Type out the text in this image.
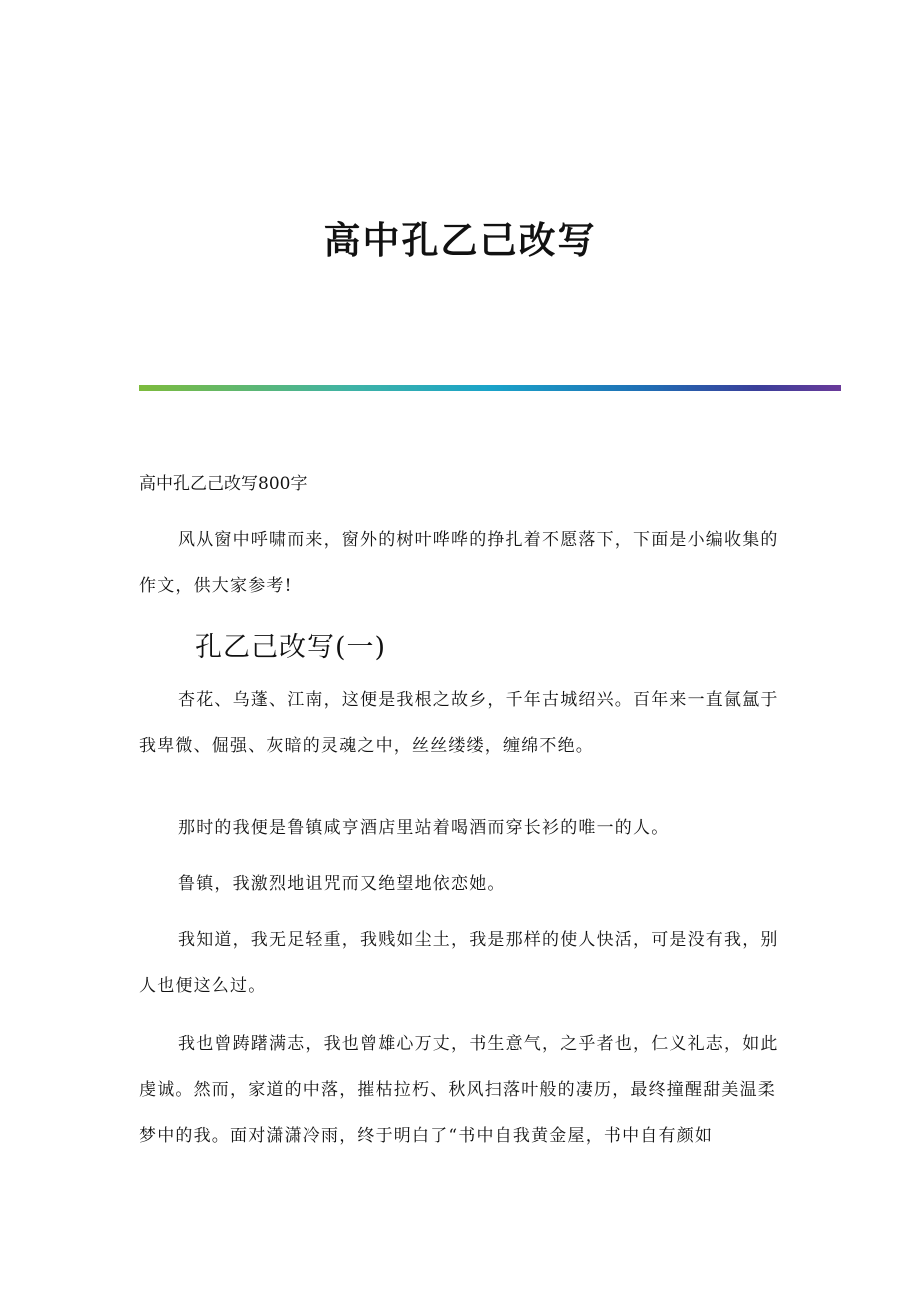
高中孔乙己改写
高中孔乙己改写800字

风从窗中呼啸而来，窗外的树叶哗哗的挣扎着不愿落下，下面是小编收集的作文，供大家参考!

孔乙己改写(一)

杏花、乌蓬、江南，这便是我根之故乡，千年古城绍兴。百年来一直氤氲于我卑微、倔强、灰暗的灵魂之中，丝丝缕缕，缠绵不绝。

那时的我便是鲁镇咸亨酒店里站着喝酒而穿长衫的唯一的人。

鲁镇，我激烈地诅咒而又绝望地依恋她。

我知道，我无足轻重，我贱如尘土，我是那样的使人快活，可是没有我，别人也便这么过。

我也曾踌躇满志，我也曾雄心万丈，书生意气，之乎者也，仁义礼志，如此虔诚。然而，家道的中落，摧枯拉朽、秋风扫落叶般的凄历，最终撞醒甜美温柔梦中的我。面对潇潇冷雨，终于明白了“书中自我黄金屋，书中自有颜如
